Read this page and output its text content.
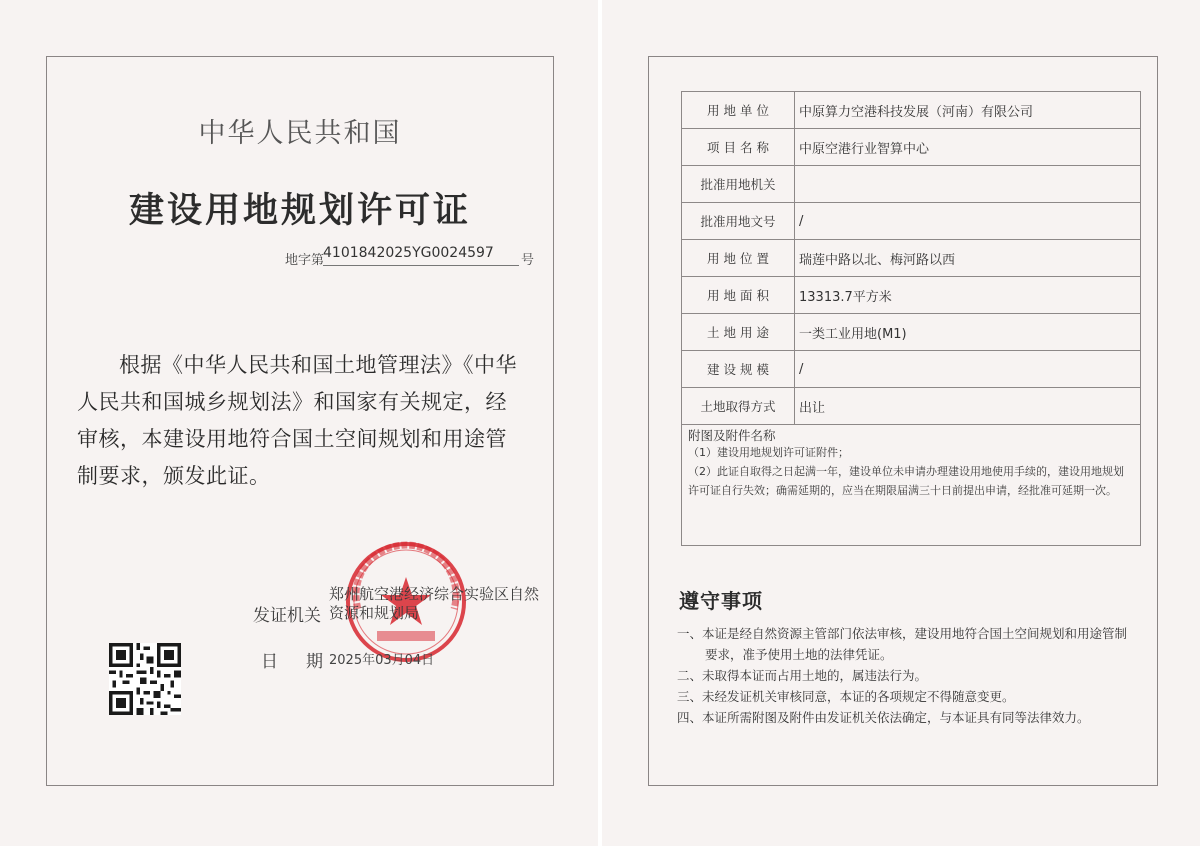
中华人民共和国
建设用地规划许可证
地字第
4101842025YG0024597	号
根据《中华人民共和国土地管理法》《中华人民共和国城乡规划法》和国家有关规定，经审核，本建设用地符合国土空间规划和用途管制要求，颁发此证。
发证机关
郑州航空港经济综合实验区自然资源和规划局
日期
2025年03月04日
用 地 单 位	中原算力空港科技发展（河南）有限公司
项 目 名 称	中原空港行业智算中心
批准用地机关	
批准用地文号	/
用 地 位 置	瑞莲中路以北、梅河路以西
用 地 面 积	13313.7平方米
土 地 用 途	一类工业用地(M1)
建 设 规 模	/
土地取得方式	出让

附图及附件名称
（1）建设用地规划许可证附件；
（2）此证自取得之日起满一年，建设单位未申请办理建设用地使用手续的，建设用地规划许可证自行失效；确需延期的，应当在期限届满三十日前提出申请，经批准可延期一次。	
遵守事项
一、本证是经自然资源主管部门依法审核，建设用地符合国土空间规划和用途管制要求，准予使用土地的法律凭证。
二、未取得本证而占用土地的，属违法行为。
三、未经发证机关审核同意，本证的各项规定不得随意变更。
四、本证所需附图及附件由发证机关依法确定，与本证具有同等法律效力。
